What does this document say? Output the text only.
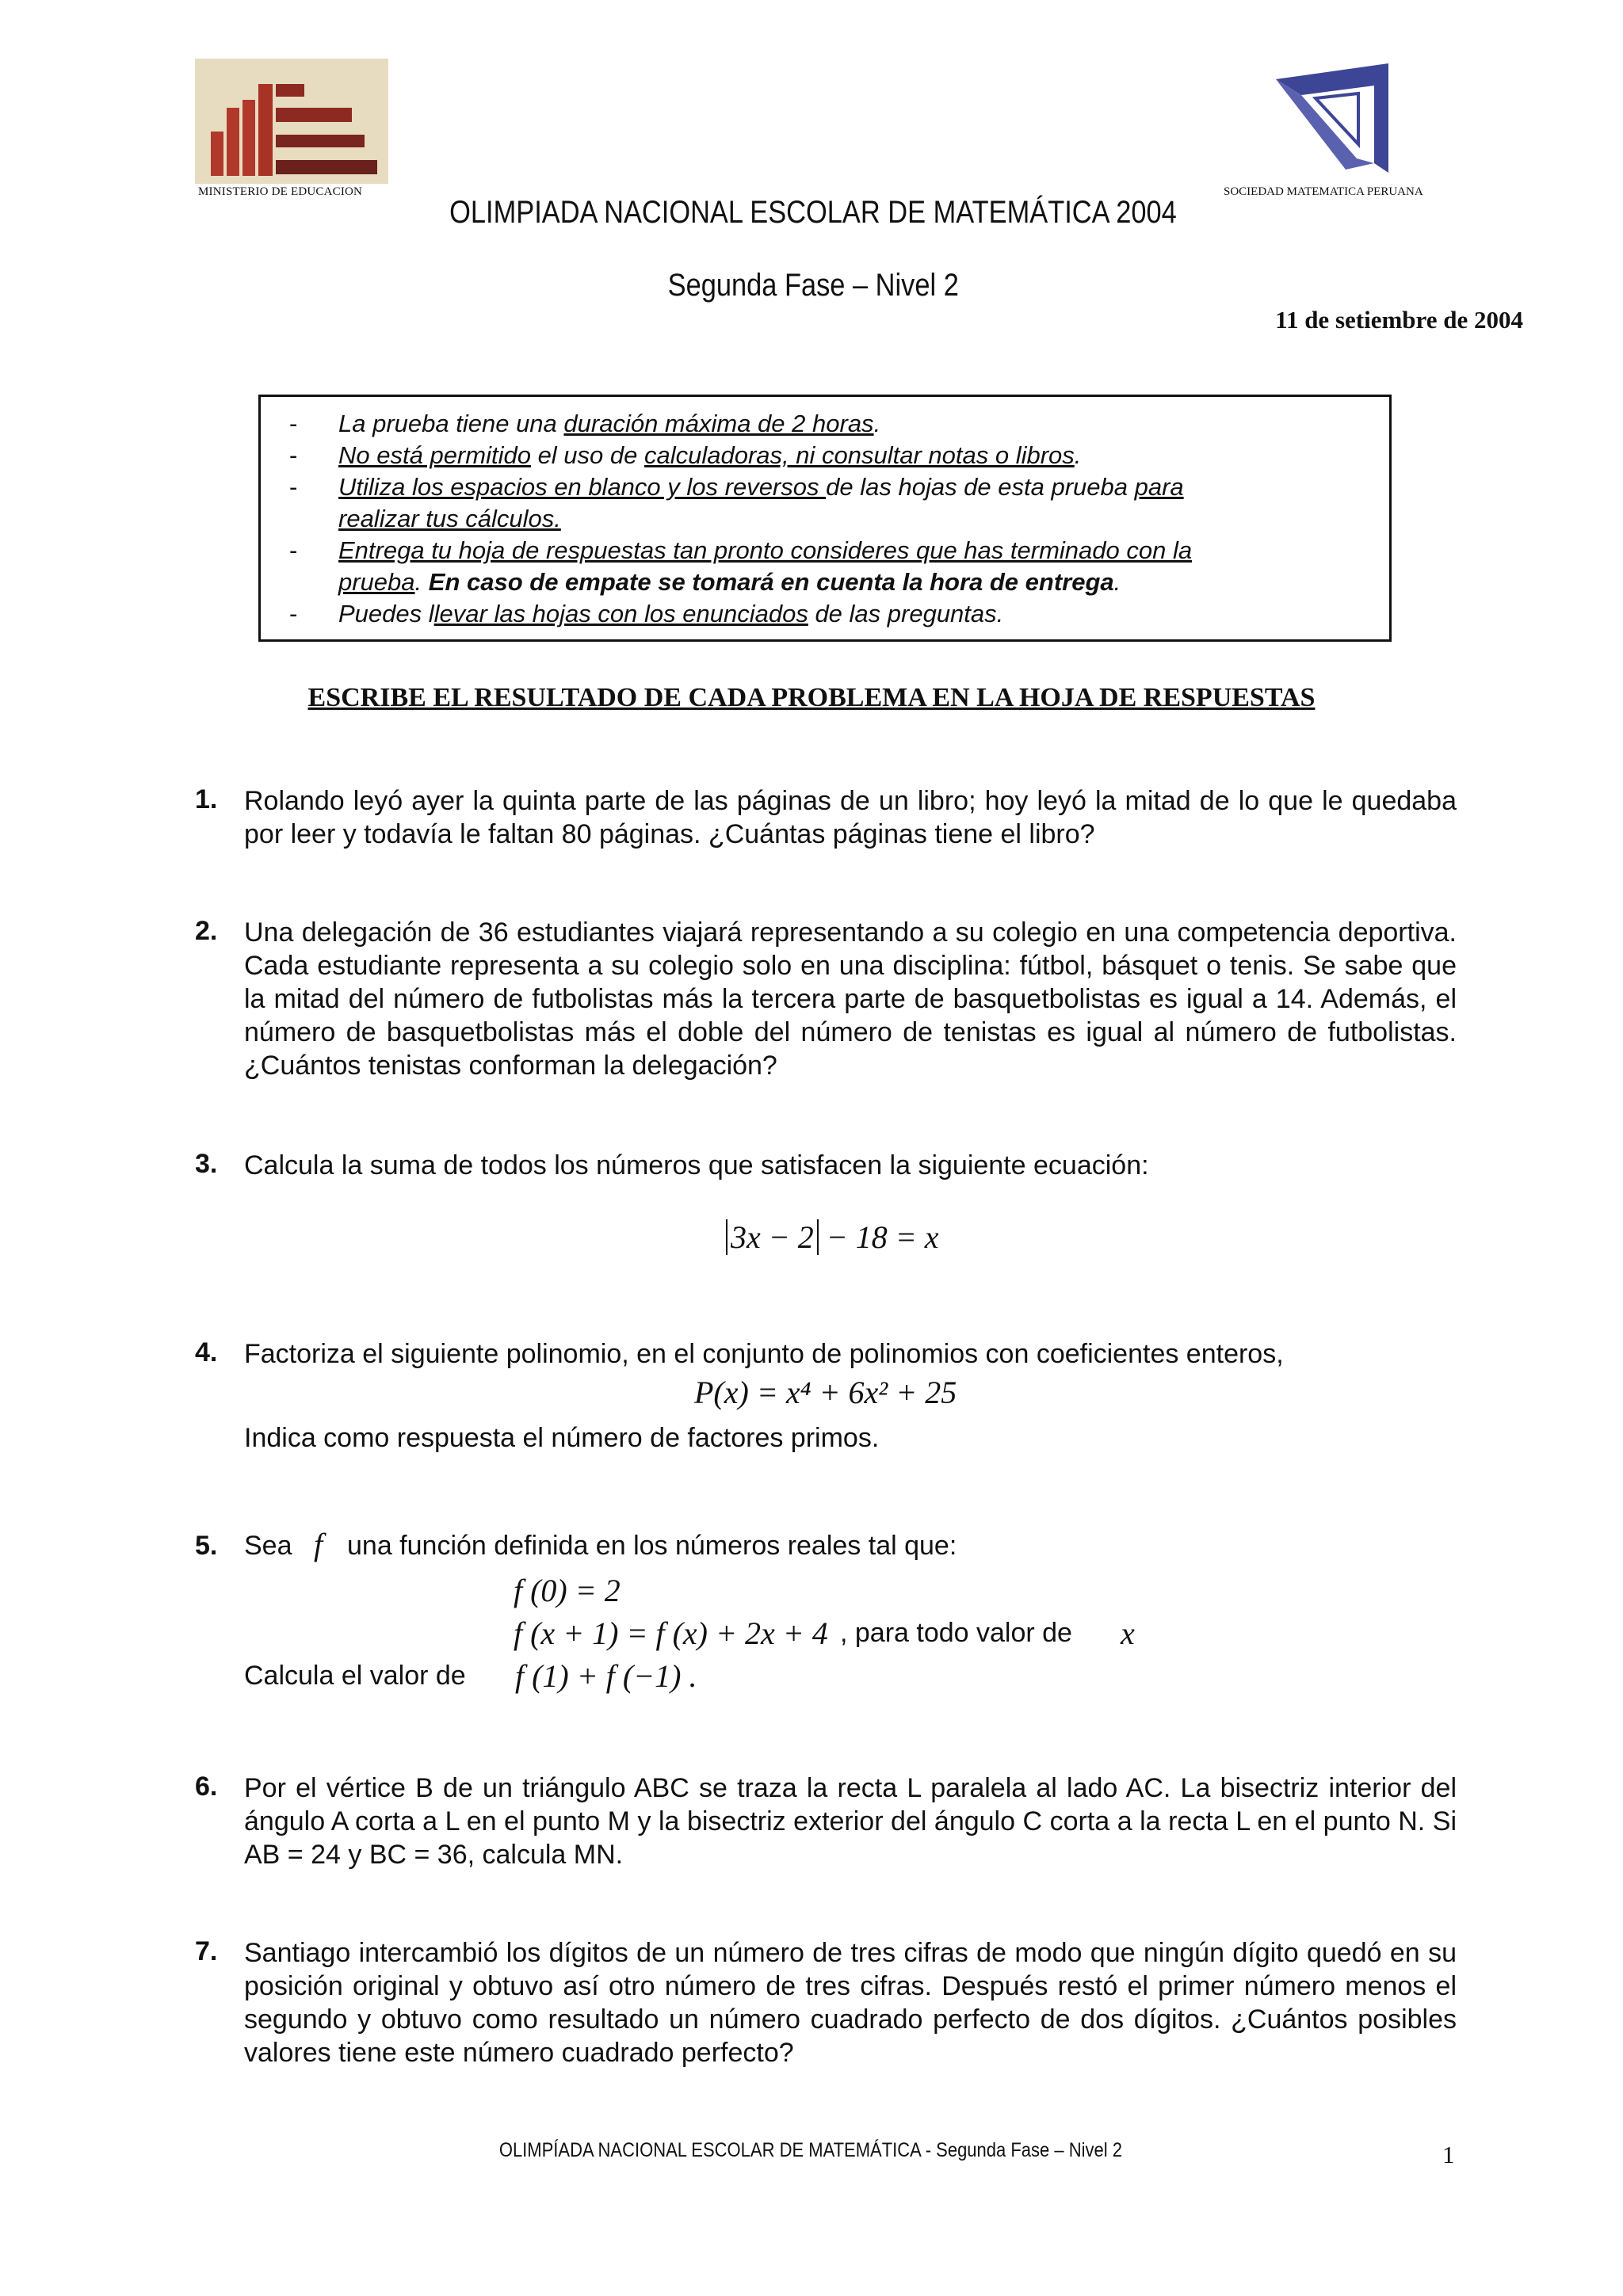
MINISTERIO DE EDUCACION	SOCIEDAD MATEMATICA PERUANA
OLIMPIADA NACIONAL ESCOLAR DE MATEMÁTICA 2004
Segunda Fase – Nivel 2
11 de setiembre de 2004
- La prueba tiene una duración máxima de 2 horas.
- No está permitido el uso de calculadoras, ni consultar notas o libros.
- Utiliza los espacios en blanco y los reversos de las hojas de esta prueba para
realizar tus cálculos.
- Entrega tu hoja de respuestas tan pronto consideres que has terminado con la
prueba. En caso de empate se tomará en cuenta la hora de entrega.
- Puedes llevar las hojas con los enunciados de las preguntas.
ESCRIBE EL RESULTADO DE CADA PROBLEMA EN LA HOJA DE RESPUESTAS
1. Rolando leyó ayer la quinta parte de las páginas de un libro; hoy leyó la mitad de lo que le quedaba por leer y todavía le faltan 80 páginas. ¿Cuántas páginas tiene el libro?
2. Una delegación de 36 estudiantes viajará representando a su colegio en una competencia deportiva. Cada estudiante representa a su colegio solo en una disciplina: fútbol, básquet o tenis. Se sabe que la mitad del número de futbolistas más la tercera parte de basquetbolistas es igual a 14. Además, el número de basquetbolistas más el doble del número de tenistas es igual al número de futbolistas. ¿Cuántos tenistas conforman la delegación?
3. Calcula la suma de todos los números que satisfacen la siguiente ecuación:
3x − 2 − 18 = x
4. Factoriza el siguiente polinomio, en el conjunto de polinomios con coeficientes enteros,
P(x) = x⁴ + 6x² + 25
Indica como respuesta el número de factores primos.
5. Sea f una función definida en los números reales tal que:
f (0) = 2
f (x + 1) = f (x) + 2x + 4 , para todo valor de x
Calcula el valor de f (1) + f (−1) .
6. Por el vértice B de un triángulo ABC se traza la recta L paralela al lado AC. La bisectriz interior del ángulo A corta a L en el punto M y la bisectriz exterior del ángulo C corta a la recta L en el punto N. Si AB = 24 y BC = 36, calcula MN.
7. Santiago intercambió los dígitos de un número de tres cifras de modo que ningún dígito quedó en su posición original y obtuvo así otro número de tres cifras. Después restó el primer número menos el segundo y obtuvo como resultado un número cuadrado perfecto de dos dígitos. ¿Cuántos posibles valores tiene este número cuadrado perfecto?
OLIMPÍADA NACIONAL ESCOLAR DE MATEMÁTICA - Segunda Fase – Nivel 2	1
